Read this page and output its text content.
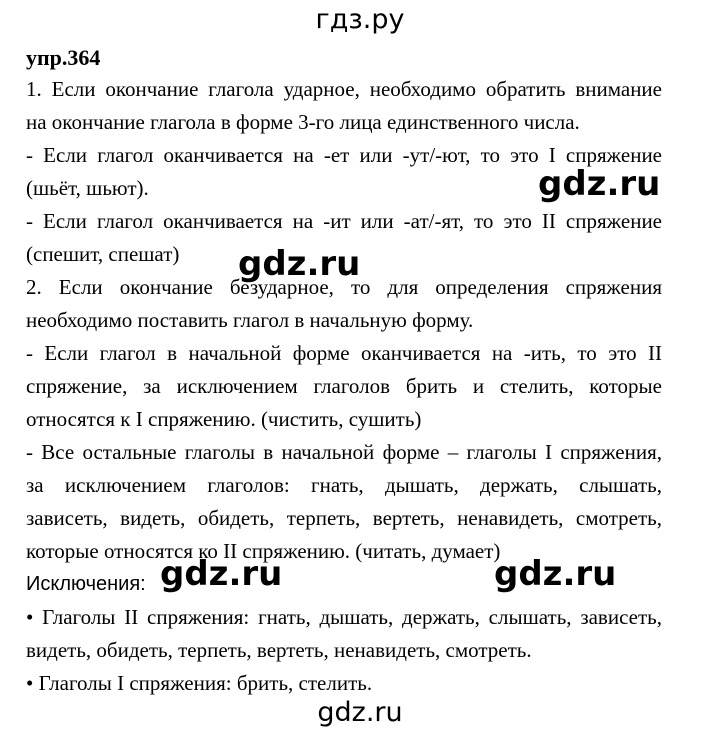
гдз.ру
упр.364
1. Если окончание глагола ударное, необходимо обратить внимание
на окончание глагола в форме 3-го лица единственного числа.
- Если глагол оканчивается на -ет или -ут/-ют, то это I спряжение
(шьёт, шьют).
- Если глагол оканчивается на -ит или -ат/-ят, то это II спряжение
(спешит, спешат)
2. Если окончание безударное, то для определения спряжения
необходимо поставить глагол в начальную форму.
- Если глагол в начальной форме оканчивается на -ить, то это II
спряжение, за исключением глаголов брить и стелить, которые
относятся к I спряжению. (чистить, сушить)
- Все остальные глаголы в начальной форме – глаголы I спряжения,
за исключением глаголов: гнать, дышать, держать, слышать,
зависеть, видеть, обидеть, терпеть, вертеть, ненавидеть, смотреть,
которые относятся ко II спряжению. (читать, думает)
Исключения:
• Глаголы II спряжения: гнать, дышать, держать, слышать, зависеть,
видеть, обидеть, терпеть, вертеть, ненавидеть, смотреть.
• Глаголы I спряжения: брить, стелить.
gdz.ru
gdz.ru
gdz.ru	gdz.ru
gdz.ru
